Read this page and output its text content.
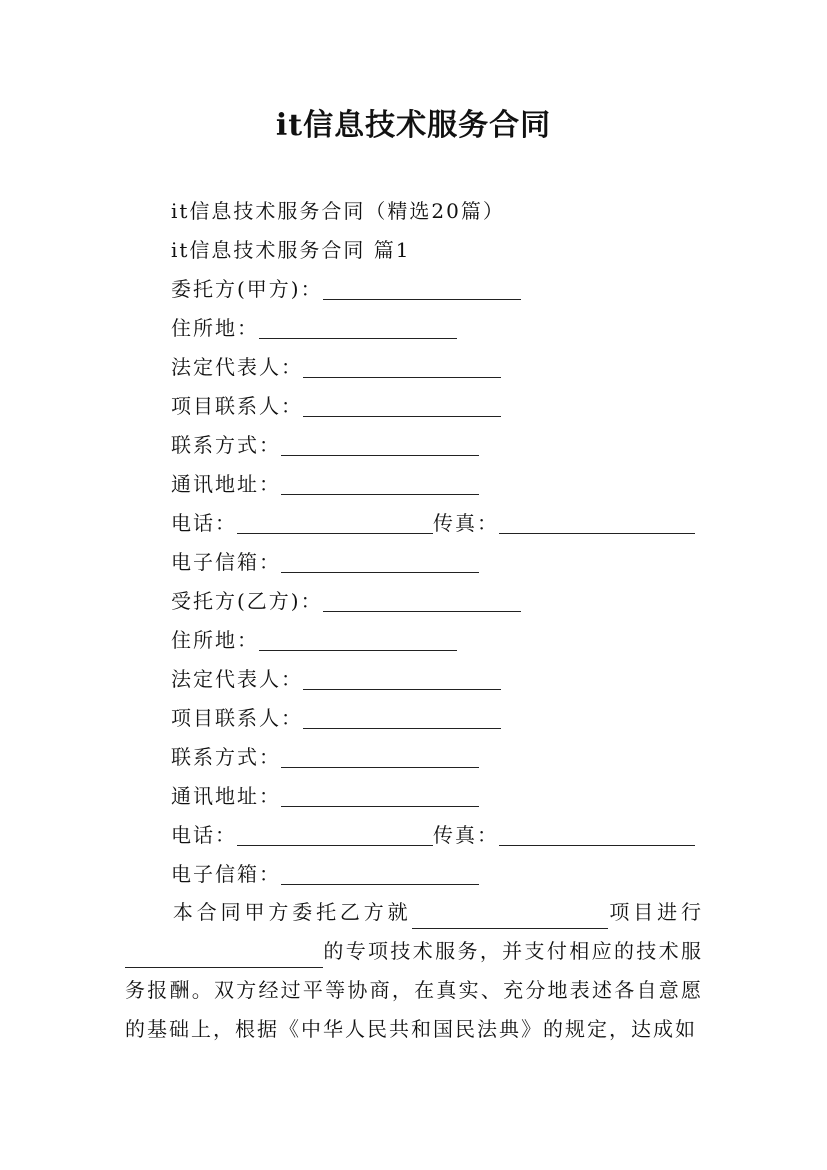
it信息技术服务合同
it信息技术服务合同（精选20篇）
it信息技术服务合同 篇1
委托方(甲方)：
住所地：
法定代表人：
项目联系人：
联系方式：
通讯地址：
电话：	传真：
电子信箱：
受托方(乙方)：
住所地：
法定代表人：
项目联系人：
联系方式：
通讯地址：
电话：	传真：
电子信箱：
本合同甲方委托乙方就	项目进行的专项技术服务，并支付相应的技术服务报酬。双方经过平等协商，在真实、充分地表述各自意愿的基础上，根据《中华人民共和国民法典》的规定，达成如
